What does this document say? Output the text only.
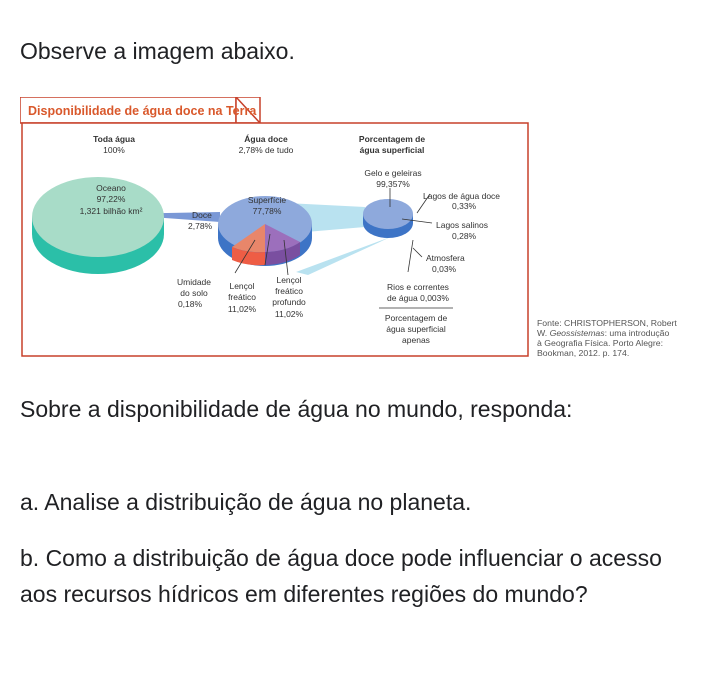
Observe a imagem abaixo.

Disponibilidade de água doce na Terra
Toda água
100%
Água doce
2,78% de tudo
Porcentagem de
água superficial
Oceano
97,22%
1,321 bilhão km²	Doce
2,78%
Superfície
77,78%
Umidade
do solo
0,18%
Lençol
freático
11,02%
Lençol
freático
profundo
11,02%
Gelo e geleiras
99,357%
Lagos de água doce
0,33%
Lagos salinos
0,28%
Atmosfera
0,03%
Rios e correntes
de água 0,003%
Porcentagem de
água superficial
apenas
Fonte: CHRISTOPHERSON, Robert
W. Geossistemas: uma introdução
à Geografia Física. Porto Alegre:
Bookman, 2012. p. 174.

Sobre a disponibilidade de água no mundo, responda:

a. Analise a distribuição de água no planeta.

b. Como a distribuição de água doce pode influenciar o acesso aos recursos hídricos em diferentes regiões do mundo?
